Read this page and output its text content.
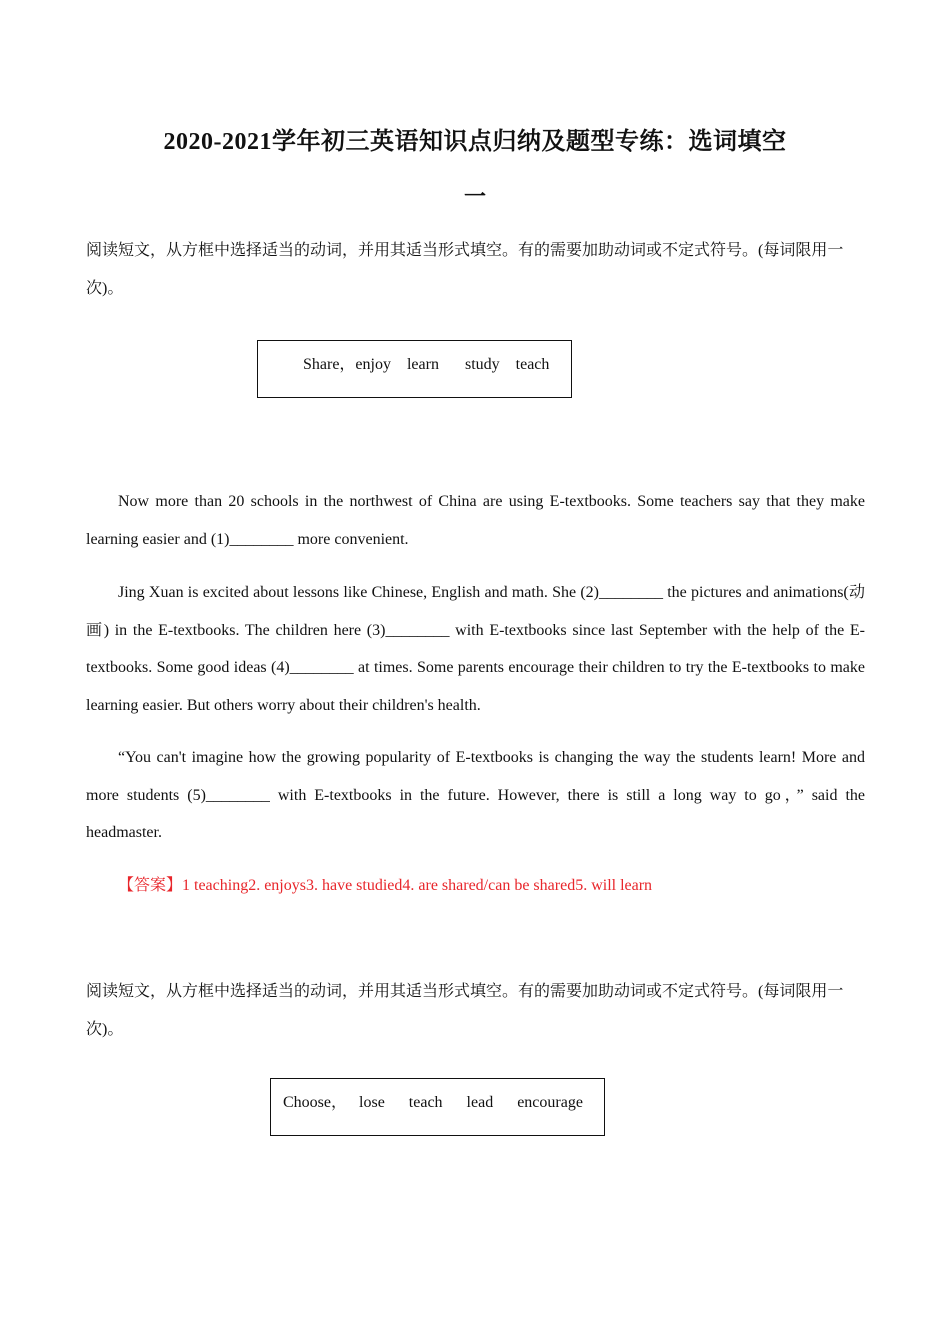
2020-2021学年初三英语知识点归纳及题型专练：选词填空
一
阅读短文，从方框中选择适当的动词，并用其适当形式填空。有的需要加助动词或不定式符号。(每词限用一次)。
Share，enjoy learn study teach

Now more than 20 schools in the northwest of China are using E-textbooks. Some teachers say that they make learning easier and (1)________ more convenient.

Jing Xuan is excited about lessons like Chinese, English and math. She (2)________ the pictures and animations(动画) in the E-textbooks. The children here (3)________ with E-textbooks since last September with the help of the E-textbooks. Some good ideas (4)________ at times. Some parents encourage their children to try the E-textbooks to make learning easier. But others worry about their children's health.

“You can't imagine how the growing popularity of E-textbooks is changing the way the students learn! More and more students (5)________ with E-textbooks in the future. However, there is still a long way to go，” said the headmaster.

【答案】1 teaching2. enjoys3. have studied4. are shared/can be shared5. will learn
阅读短文，从方框中选择适当的动词，并用其适当形式填空。有的需要加助动词或不定式符号。(每词限用一次)。
Choose， lose teach lead encourage
